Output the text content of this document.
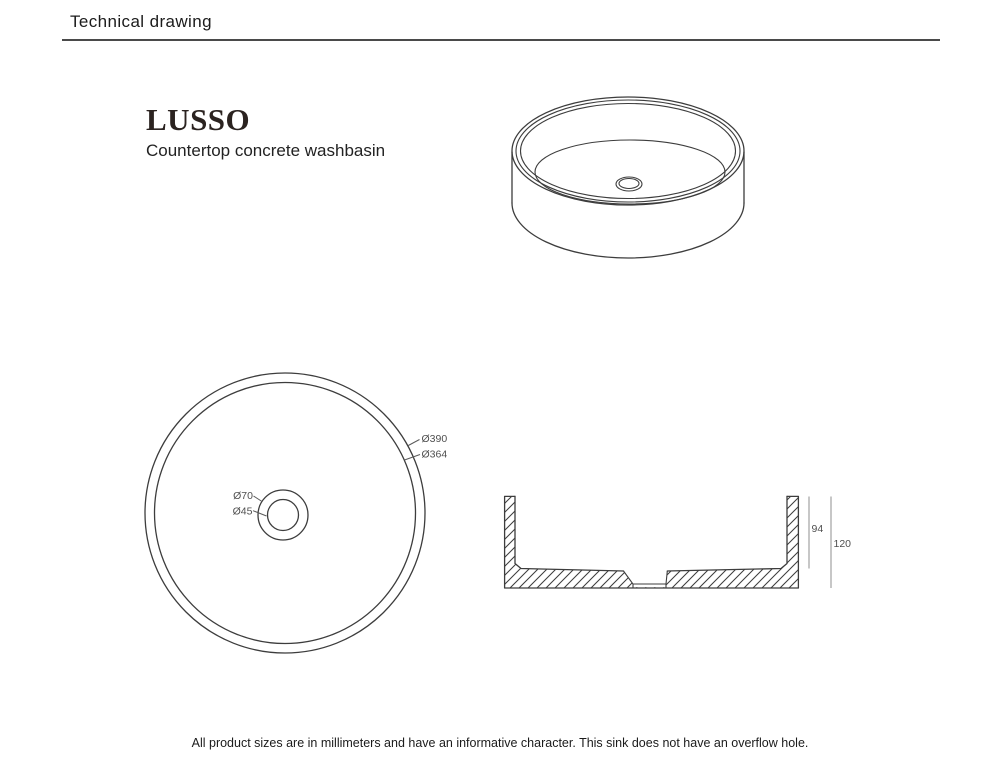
Technical drawing
LUSSO

Countertop concrete washbasin

Ø390
Ø364
Ø70
Ø45
94
120

All product sizes are in millimeters and have an informative character. This sink does not have an overflow hole.
